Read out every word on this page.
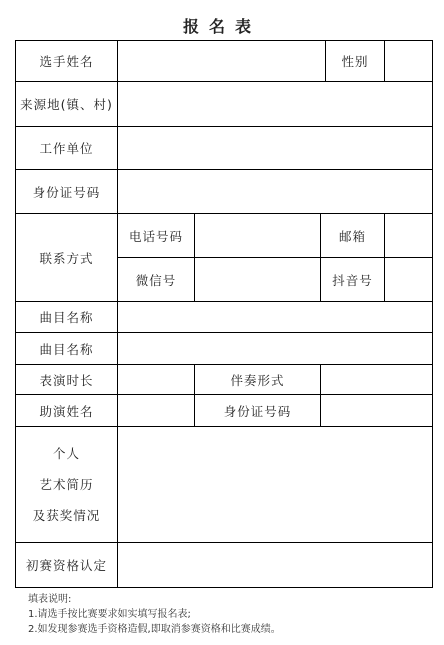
报名表
选手姓名				性别	
来源地(镇、村)					
工作单位					
身份证号码					
联系方式	电话号码		邮箱		
	微信号		抖音号		
曲目名称					
曲目名称					
表演时长		伴奏形式			
助演姓名		身份证号码			

个人
艺术简历
及获奖情况					

初赛资格认定					
填表说明:
1.请选手按比赛要求如实填写报名表;
2.如发现参赛选手资格造假,即取消参赛资格和比赛成绩。
